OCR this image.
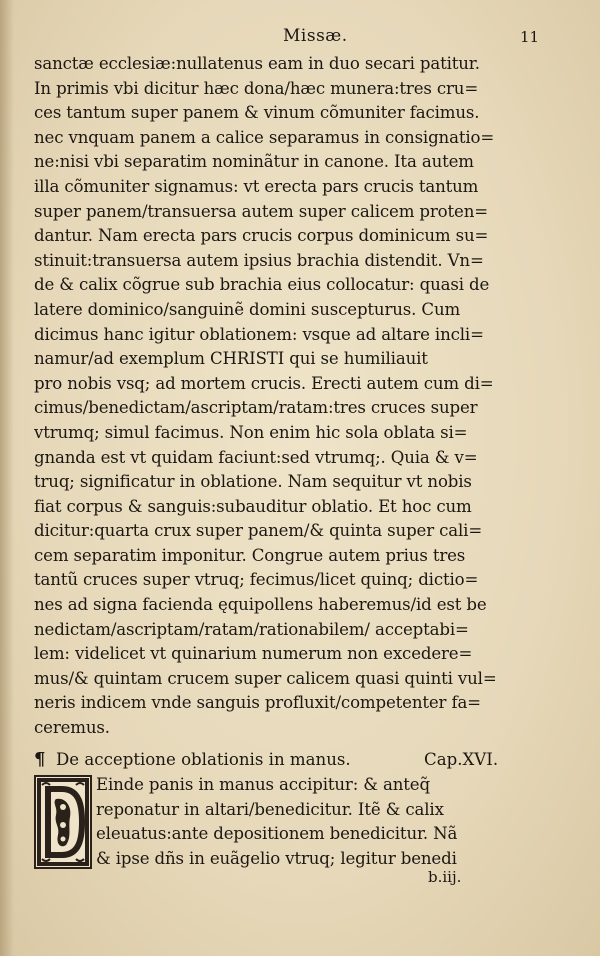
Missæ.	11
sanctæ ecclesiæ:nullatenus eam in duo secari patitur.
In primis vbi dicitur hæc dona/hæc munera:tres cru=
ces tantum super panem & vinum cõmuniter facimus.
nec vnquam panem a calice separamus in consignatio=
ne:nisi vbi separatim nominãtur in canone. Ita autem
illa cõmuniter signamus: vt erecta pars crucis tantum
super panem/transuersa autem super calicem proten=
dantur. Nam erecta pars crucis corpus dominicum su=
stinuit:transuersa autem ipsius brachia distendit. Vn=
de & calix cõgrue sub brachia eius collocatur: quasi de
latere dominico/sanguinẽ domini suscepturus. Cum
dicimus hanc igitur oblationem: vsque ad altare incli=
namur/ad exemplum CHRISTI qui se humiliauit
pro nobis vsq; ad mortem crucis. Erecti autem cum di=
cimus/benedictam/ascriptam/ratam:tres cruces super
vtrumq; simul facimus. Non enim hic sola oblata si=
gnanda est vt quidam faciunt:sed vtrumq;. Quia & v=
truq; significatur in oblatione. Nam sequitur vt nobis
fiat corpus & sanguis:subauditur oblatio. Et hoc cum
dicitur:quarta crux super panem/& quinta super cali=
cem separatim imponitur. Congrue autem prius tres
tantũ cruces super vtruq; fecimus/licet quinq; dictio=
nes ad signa facienda ęquipollens haberemus/id est be
nedictam/ascriptam/ratam/rationabilem/ acceptabi=
lem: videlicet vt quinarium numerum non excedere=
mus/& quintam crucem super calicem quasi quinti vul=
neris indicem vnde sanguis profluxit/competenter fa=
ceremus.
¶ De acceptione oblationis in manus.	Cap.XVI.
Einde panis in manus accipitur: & anteq̃
reponatur in altari/benedicitur. Itẽ & calix
eleuatus:ante depositionem benedicitur. Nã
& ipse dñs in euãgelio vtruq; legitur benedi
b.iij.
